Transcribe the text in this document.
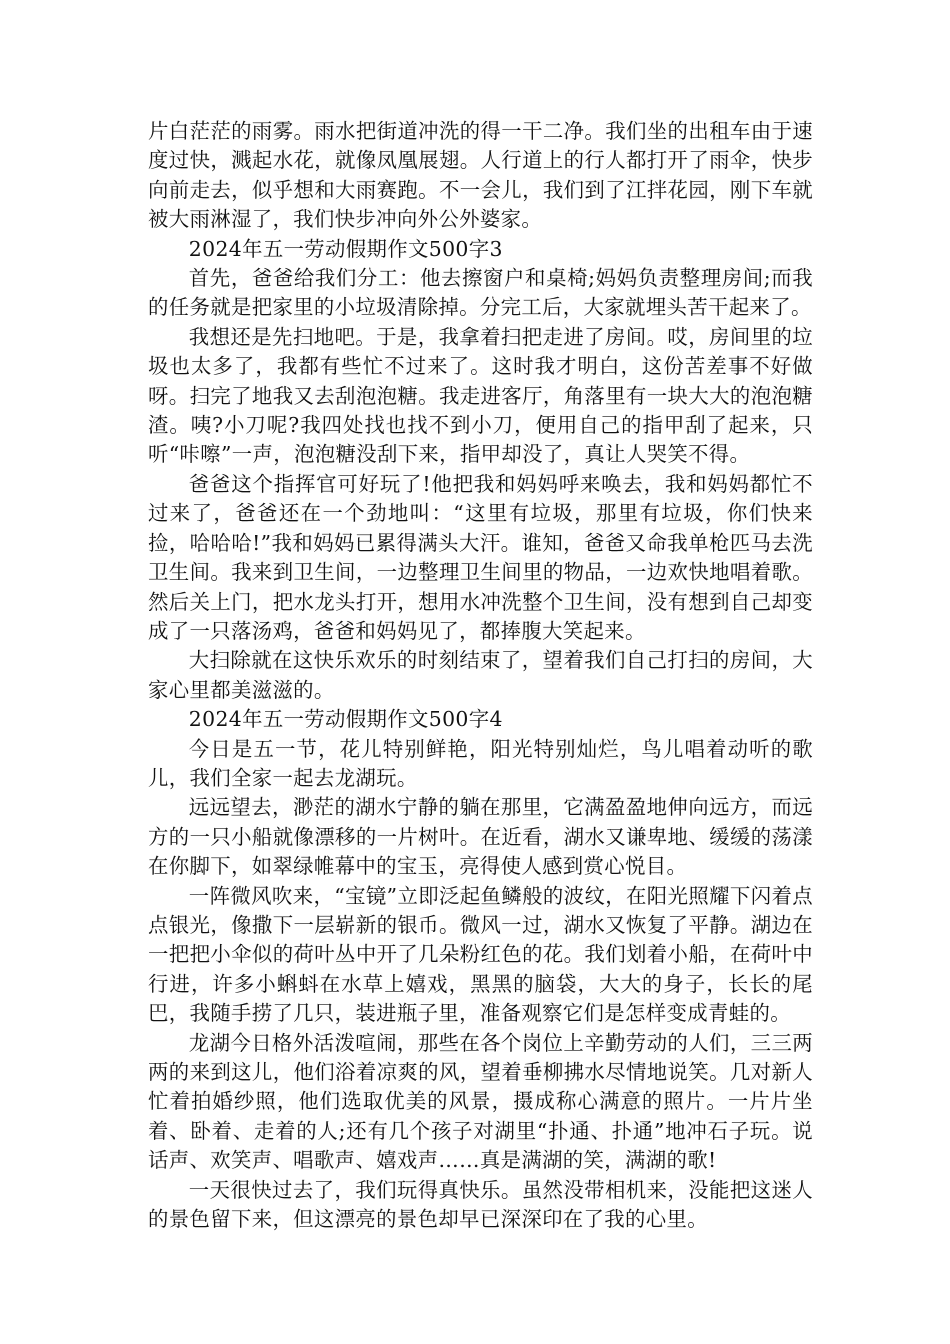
片白茫茫的雨雾。雨水把街道冲洗的得一干二净。我们坐的出租车由于速度过快，溅起水花，就像凤凰展翅。人行道上的行人都打开了雨伞，快步向前走去，似乎想和大雨赛跑。不一会儿，我们到了江拌花园，刚下车就被大雨淋湿了，我们快步冲向外公外婆家。

2024年五一劳动假期作文500字3

首先，爸爸给我们分工：他去擦窗户和桌椅;妈妈负责整理房间;而我的任务就是把家里的小垃圾清除掉。分完工后，大家就埋头苦干起来了。

我想还是先扫地吧。于是，我拿着扫把走进了房间。哎，房间里的垃圾也太多了，我都有些忙不过来了。这时我才明白，这份苦差事不好做呀。扫完了地我又去刮泡泡糖。我走进客厅，角落里有一块大大的泡泡糖渣。咦?小刀呢?我四处找也找不到小刀，便用自己的指甲刮了起来，只听“咔嚓”一声，泡泡糖没刮下来，指甲却没了，真让人哭笑不得。

爸爸这个指挥官可好玩了!他把我和妈妈呼来唤去，我和妈妈都忙不过来了，爸爸还在一个劲地叫：“这里有垃圾，那里有垃圾，你们快来捡，哈哈哈!”我和妈妈已累得满头大汗。谁知，爸爸又命我单枪匹马去洗卫生间。我来到卫生间，一边整理卫生间里的物品，一边欢快地唱着歌。然后关上门，把水龙头打开，想用水冲洗整个卫生间，没有想到自己却变成了一只落汤鸡，爸爸和妈妈见了，都捧腹大笑起来。

大扫除就在这快乐欢乐的时刻结束了，望着我们自己打扫的房间，大家心里都美滋滋的。

2024年五一劳动假期作文500字4

今日是五一节，花儿特别鲜艳，阳光特别灿烂，鸟儿唱着动听的歌儿，我们全家一起去龙湖玩。

远远望去，渺茫的湖水宁静的躺在那里，它满盈盈地伸向远方，而远方的一只小船就像漂移的一片树叶。在近看，湖水又谦卑地、缓缓的荡漾在你脚下，如翠绿帷幕中的宝玉，亮得使人感到赏心悦目。

一阵微风吹来，“宝镜”立即泛起鱼鳞般的波纹，在阳光照耀下闪着点点银光，像撒下一层崭新的银币。微风一过，湖水又恢复了平静。湖边在一把把小伞似的荷叶丛中开了几朵粉红色的花。我们划着小船，在荷叶中行进，许多小蝌蚪在水草上嬉戏，黑黑的脑袋，大大的身子，长长的尾巴，我随手捞了几只，装进瓶子里，准备观察它们是怎样变成青蛙的。

龙湖今日格外活泼喧闹，那些在各个岗位上辛勤劳动的人们，三三两两的来到这儿，他们浴着凉爽的风，望着垂柳拂水尽情地说笑。几对新人忙着拍婚纱照，他们选取优美的风景，摄成称心满意的照片。一片片坐着、卧着、走着的人;还有几个孩子对湖里“扑通、扑通”地冲石子玩。说话声、欢笑声、唱歌声、嬉戏声……真是满湖的笑，满湖的歌!

一天很快过去了，我们玩得真快乐。虽然没带相机来，没能把这迷人的景色留下来，但这漂亮的景色却早已深深印在了我的心里。
